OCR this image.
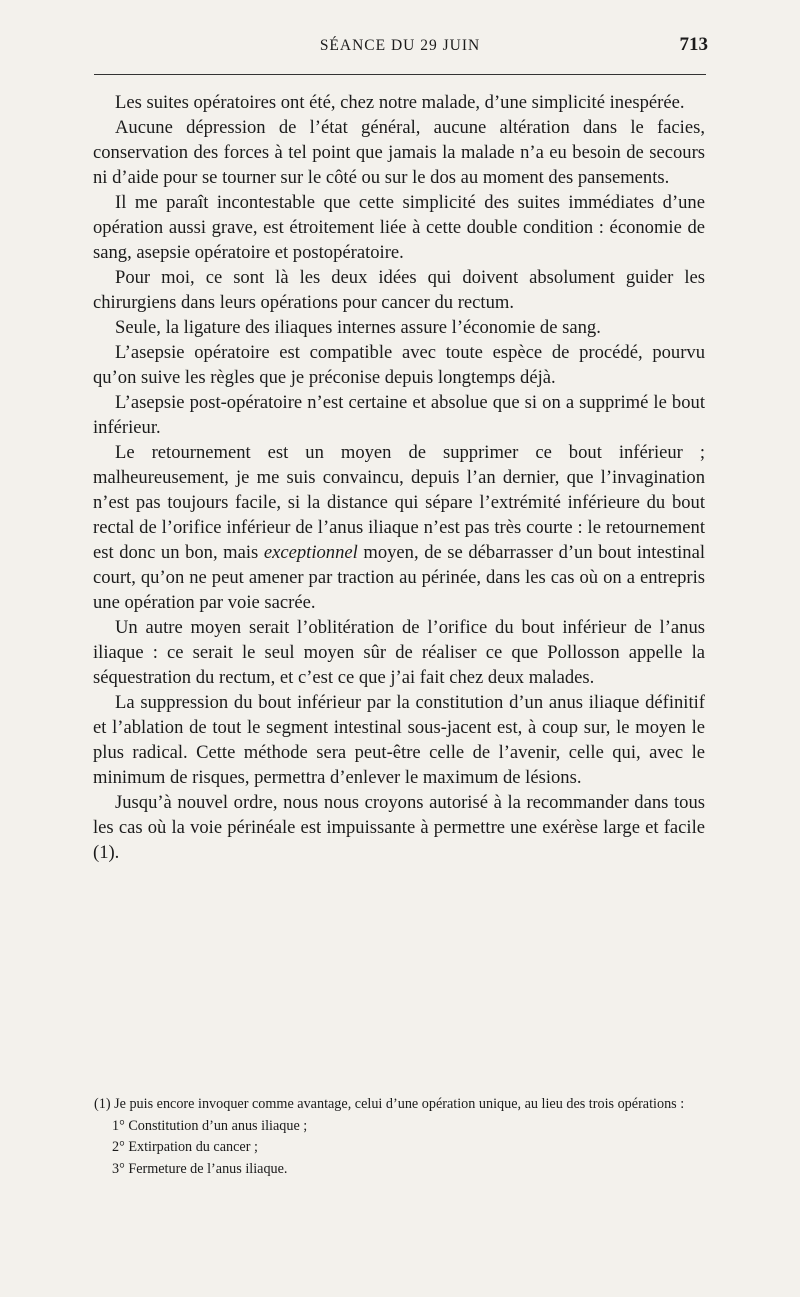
SÉANCE DU 29 JUIN	713

Les suites opératoires ont été, chez notre malade, d’une simplicité inespérée.

Aucune dépression de l’état général, aucune altération dans le facies, conservation des forces à tel point que jamais la malade n’a eu besoin de secours ni d’aide pour se tourner sur le côté ou sur le dos au moment des pansements.

Il me paraît incontestable que cette simplicité des suites immédiates d’une opération aussi grave, est étroitement liée à cette double condition : économie de sang, asepsie opératoire et postopératoire.

Pour moi, ce sont là les deux idées qui doivent absolument guider les chirurgiens dans leurs opérations pour cancer du rectum.

Seule, la ligature des iliaques internes assure l’économie de sang.

L’asepsie opératoire est compatible avec toute espèce de procédé, pourvu qu’on suive les règles que je préconise depuis longtemps déjà.

L’asepsie post-opératoire n’est certaine et absolue que si on a supprimé le bout inférieur.

Le retournement est un moyen de supprimer ce bout inférieur ; malheureusement, je me suis convaincu, depuis l’an dernier, que l’invagination n’est pas toujours facile, si la distance qui sépare l’extrémité inférieure du bout rectal de l’orifice inférieur de l’anus iliaque n’est pas très courte : le retournement est donc un bon, mais exceptionnel moyen, de se débarrasser d’un bout intestinal court, qu’on ne peut amener par traction au périnée, dans les cas où on a entrepris une opération par voie sacrée.

Un autre moyen serait l’oblitération de l’orifice du bout inférieur de l’anus iliaque : ce serait le seul moyen sûr de réaliser ce que Pollosson appelle la séquestration du rectum, et c’est ce que j’ai fait chez deux malades.

La suppression du bout inférieur par la constitution d’un anus iliaque définitif et l’ablation de tout le segment intestinal sous-jacent est, à coup sur, le moyen le plus radical. Cette méthode sera peut-être celle de l’avenir, celle qui, avec le minimum de risques, permettra d’enlever le maximum de lésions.

Jusqu’à nouvel ordre, nous nous croyons autorisé à la recommander dans tous les cas où la voie périnéale est impuissante à permettre une exérèse large et facile (1).

(1) Je puis encore invoquer comme avantage, celui d’une opération unique, au lieu des trois opérations :

1° Constitution d’un anus iliaque ;

2° Extirpation du cancer ;

3° Fermeture de l’anus iliaque.
